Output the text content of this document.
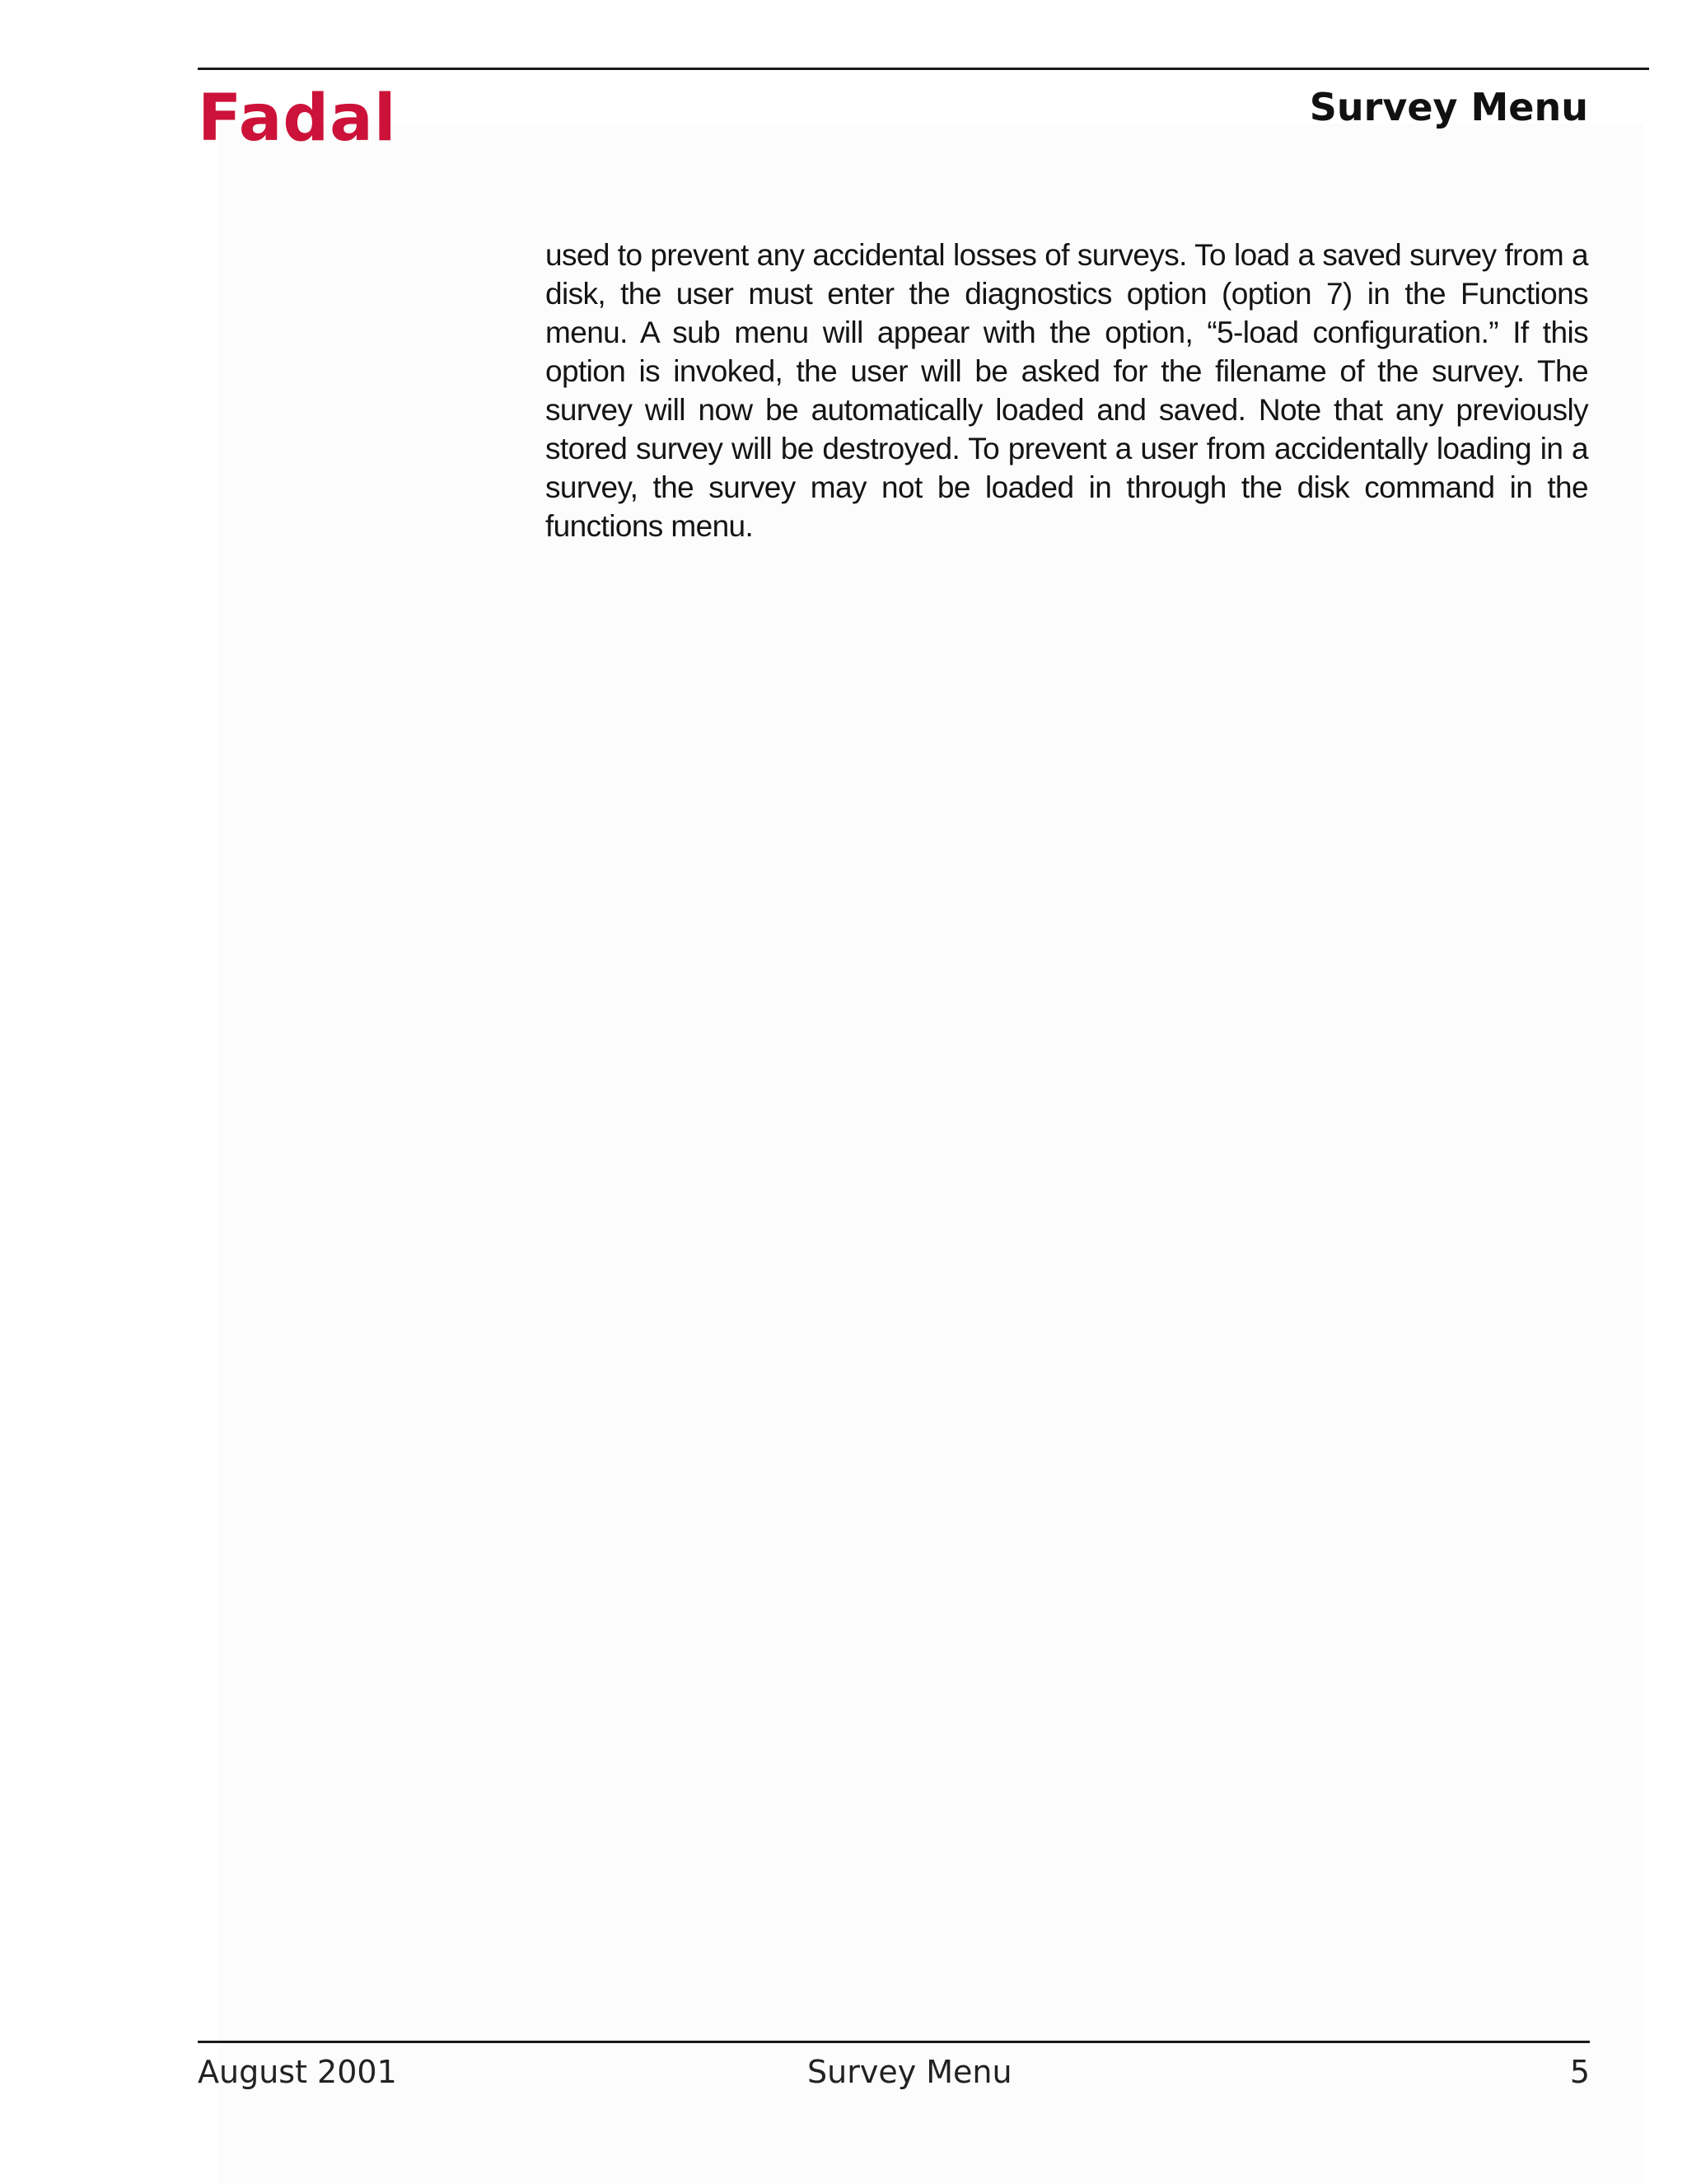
Fadal	Survey Menu

used to prevent any accidental losses of surveys. To load a saved survey from a disk, the user must enter the diagnostics option (option 7) in the Functions menu. A sub menu will appear with the option, “5-load configuration.” If this option is invoked, the user will be asked for the filename of the survey. The survey will now be automatically loaded and saved. Note that any previously stored survey will be destroyed. To prevent a user from accidentally loading in a survey, the survey may not be loaded in through the disk command in the functions menu.

August 2001	Survey Menu	5
